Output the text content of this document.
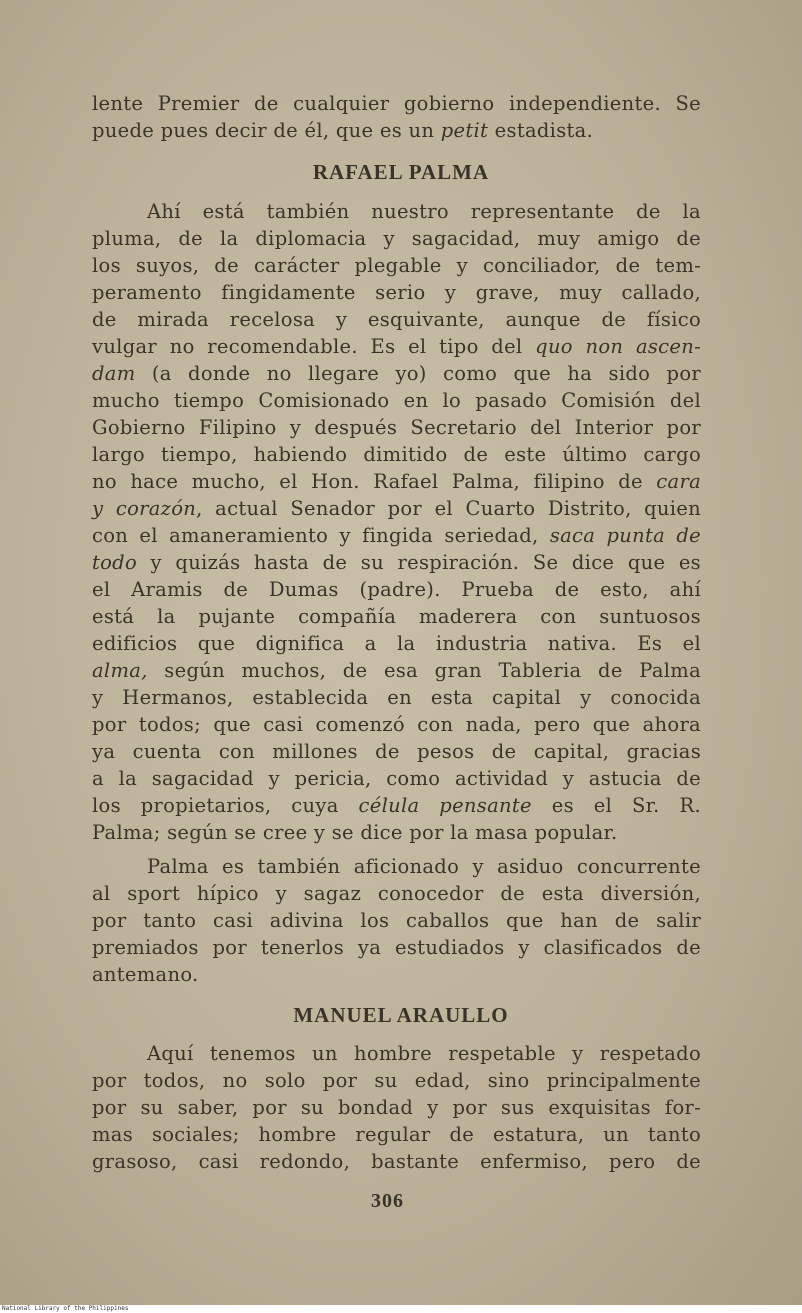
lente Premier de cualquier gobierno independiente. Se
puede pues decir de él, que es un petit estadista.

RAFAEL PALMA

Ahí está también nuestro representante de la
pluma, de la diplomacia y sagacidad, muy amigo de
los suyos, de carácter plegable y conciliador, de tem-
peramento fingidamente serio y grave, muy callado,
de mirada recelosa y esquivante, aunque de físico
vulgar no recomendable. Es el tipo del quo non ascen-
dam (a donde no llegare yo) como que ha sido por
mucho tiempo Comisionado en lo pasado Comisión del
Gobierno Filipino y después Secretario del Interior por
largo tiempo, habiendo dimitido de este último cargo
no hace mucho, el Hon. Rafael Palma, filipino de cara
y corazón, actual Senador por el Cuarto Distrito, quien
con el amaneramiento y fingida seriedad, saca punta de
todo y quizás hasta de su respiración. Se dice que es
el Aramis de Dumas (padre). Prueba de esto, ahí
está la pujante compañía maderera con suntuosos
edificios que dignifica a la industria nativa. Es el
alma, según muchos, de esa gran Tableria de Palma
y Hermanos, establecida en esta capital y conocida
por todos; que casi comenzó con nada, pero que ahora
ya cuenta con millones de pesos de capital, gracias
a la sagacidad y pericia, como actividad y astucia de
los propietarios, cuya célula pensante es el Sr. R.
Palma; según se cree y se dice por la masa popular.

Palma es también aficionado y asiduo concurrente
al sport hípico y sagaz conocedor de esta diversión,
por tanto casi adivina los caballos que han de salir
premiados por tenerlos ya estudiados y clasificados de
antemano.

MANUEL ARAULLO

Aquí tenemos un hombre respetable y respetado
por todos, no solo por su edad, sino principalmente
por su saber, por su bondad y por sus exquisitas for-
mas sociales; hombre regular de estatura, un tanto
grasoso, casi redondo, bastante enfermiso, pero de

306
National Library of the Philippines
